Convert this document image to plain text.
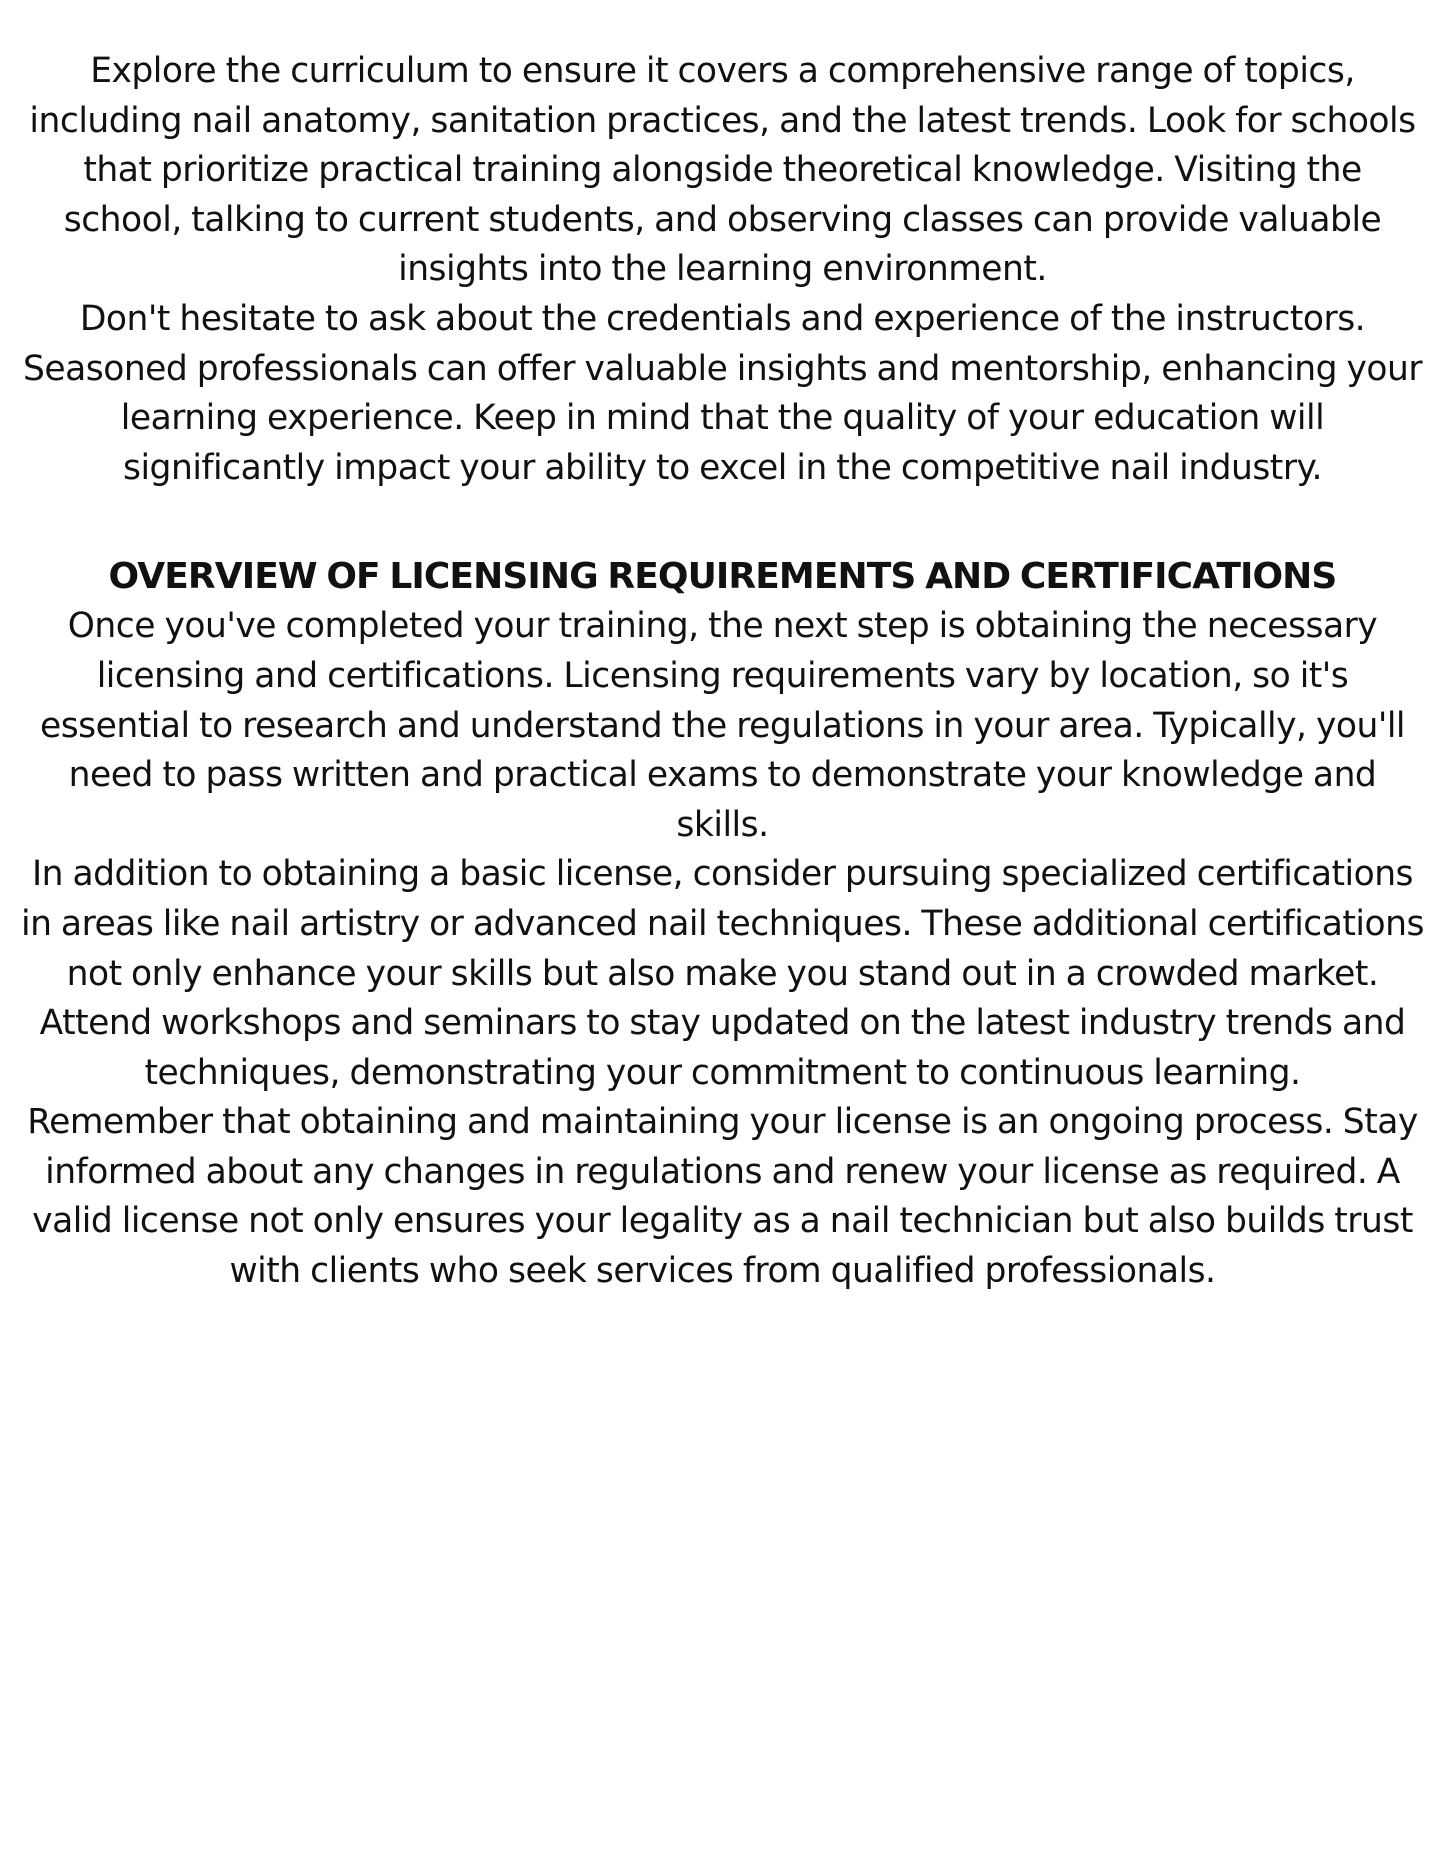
Explore the curriculum to ensure it covers a comprehensive range of topics, including nail anatomy, sanitation practices, and the latest trends. Look for schools that prioritize practical training alongside theoretical knowledge. Visiting the school, talking to current students, and observing classes can provide valuable insights into the learning environment.

Don't hesitate to ask about the credentials and experience of the instructors. Seasoned professionals can offer valuable insights and mentorship, enhancing your learning experience. Keep in mind that the quality of your education will significantly impact your ability to excel in the competitive nail industry.

OVERVIEW OF LICENSING REQUIREMENTS AND CERTIFICATIONS

Once you've completed your training, the next step is obtaining the necessary licensing and certifications. Licensing requirements vary by location, so it's essential to research and understand the regulations in your area. Typically, you'll need to pass written and practical exams to demonstrate your knowledge and skills.

In addition to obtaining a basic license, consider pursuing specialized certifications in areas like nail artistry or advanced nail techniques. These additional certifications not only enhance your skills but also make you stand out in a crowded market. Attend workshops and seminars to stay updated on the latest industry trends and techniques, demonstrating your commitment to continuous learning.

Remember that obtaining and maintaining your license is an ongoing process. Stay informed about any changes in regulations and renew your license as required. A valid license not only ensures your legality as a nail technician but also builds trust with clients who seek services from qualified professionals.
